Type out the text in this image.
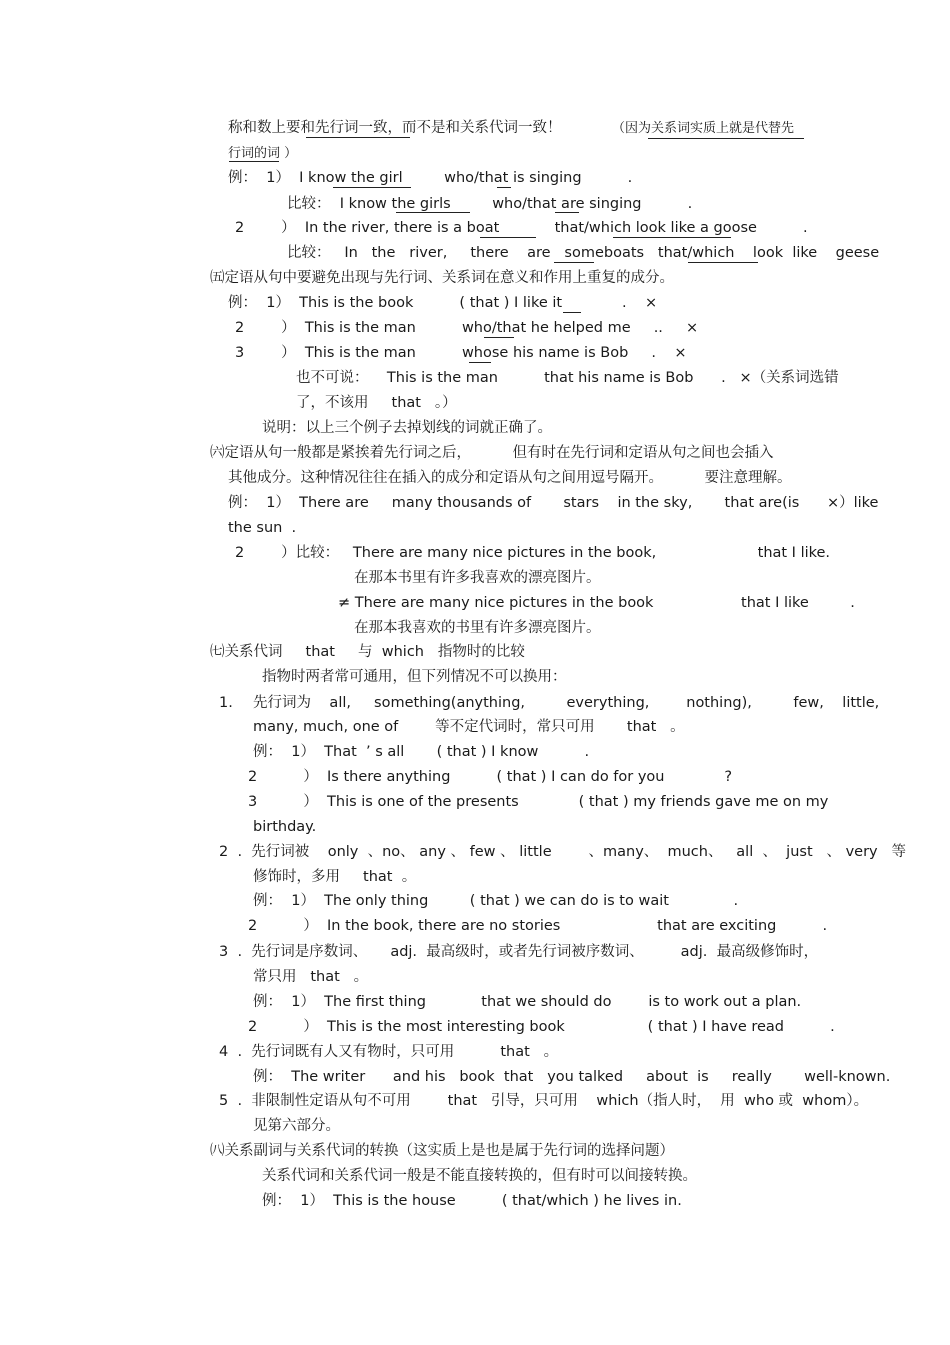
称和数上要和先行词一致，而不是和关系代词一致！	（因为关系词实质上就是代替先
行词的词 ）
例：  1）  I know the girl         who/that is singing          .
比较：  I know the girls         who/that are singing          .
2        ）  In the river, there is a boat            that/which look like a goose          .
比较：   In   the   river,     there    are   someboats   that/which    look  like    geese
㈤定语从句中要避免出现与先行词、关系词在意义和作用上重复的成分。
例：  1）  This is the book          ( that ) I like it             .    ×
2        ）  This is the man          who/that he helped me     ..     ×
3        ）  This is the man          whose his name is Bob     .    ×
也不可说：    This is the man          that his name is Bob      .   ×（关系词选错
了，不该用     that   。）
说明：以上三个例子去掉划线的词就正确了。
㈥定语从句一般都是紧挨着先行词之后，         但有时在先行词和定语从句之间也会插入
其他成分。这种情况往往在插入的成分和定语从句之间用逗号隔开。         要注意理解。
例：  1）  There are     many thousands of       stars    in the sky,       that are(is      ×）like
the sun  .
2        ）比较：   There are many nice pictures in the book,                      that I like.
在那本书里有许多我喜欢的漂亮图片。
≠ There are many nice pictures in the book                   that I like         .
在那本我喜欢的书里有许多漂亮图片。
㈦关系代词     that     与  which   指物时的比较
指物时两者常可通用，但下列情况不可以换用：
1. 先行词为    all,     something(anything,         everything,        nothing),         few,    little,
many, much, one of        等不定代词时，常只可用       that   。
例：  1）  That  ’ s all       ( that ) I know          .
2          ）  Is there anything          ( that ) I can do for you             ?
3          ）  This is one of the presents             ( that ) my friends gave me on my
birthday.
2  .  先行词被    only  、no、 any 、 few 、 little        、many、  much、   all  、  just   、 very   等
修饰时，多用     that  。
例：  1）  The only thing         ( that ) we can do is to wait              .
2          ）  In the book, there are no stories                     that are exciting          .
3  .  先行词是序数词、     adj.  最高级时，或者先行词被序数词、        adj.  最高级修饰时，
常只用   that   。
例：  1）  The first thing            that we should do        is to work out a plan.
2          ）  This is the most interesting book                  ( that ) I have read          .
4  .  先行词既有人又有物时，只可用          that   。
例：  The writer      and his   book  that   you talked     about  is     really       well-known.
5  .  非限制性定语从句不可用        that   引导，只可用    which（指人时，  用  who 或  whom）。
见第六部分。
㈧关系副词与关系代词的转换（这实质上是也是属于先行词的选择问题）
关系代词和关系代词一般是不能直接转换的，但有时可以间接转换。
例：  1）  This is the house          ( that/which ) he lives in.
